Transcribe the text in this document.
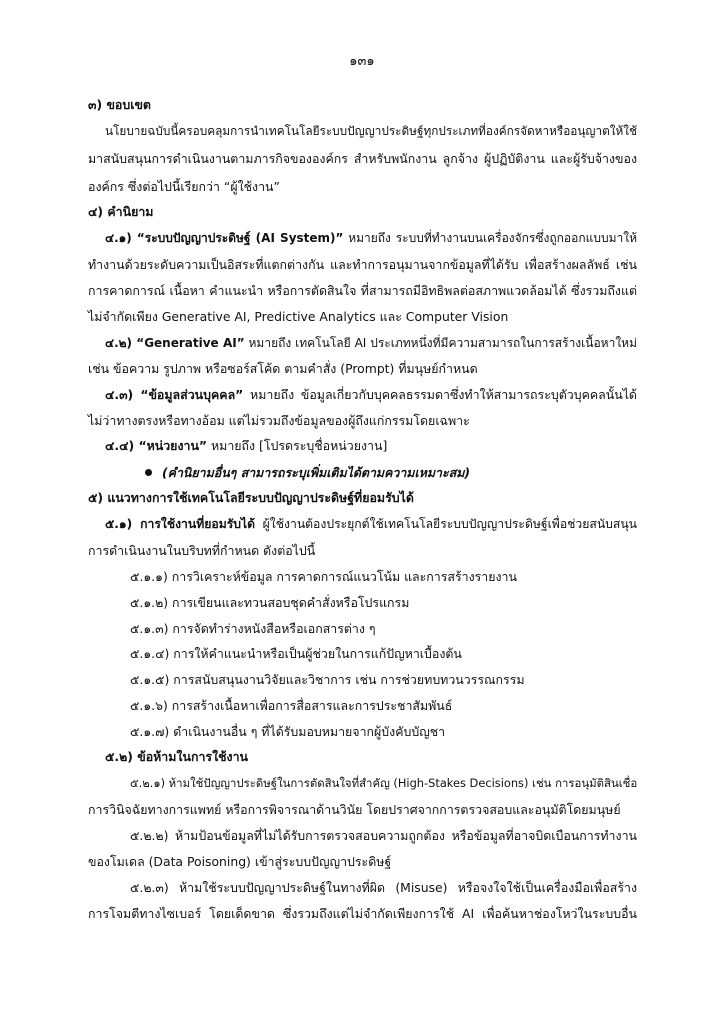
๑๓๑
๓) ขอบเขต
นโยบายฉบับนี้ครอบคลุมการนำเทคโนโลยีระบบปัญญาประดิษฐ์ทุกประเภทที่องค์กรจัดหาหรืออนุญาตให้ใช้
มาสนับสนุนการดำเนินงานตามภารกิจขององค์กร สำหรับพนักงาน ลูกจ้าง ผู้ปฏิบัติงาน และผู้รับจ้างของ
องค์กร ซึ่งต่อไปนี้เรียกว่า “ผู้ใช้งาน”
๔) คำนิยาม
๔.๑) “ระบบปัญญาประดิษฐ์ (AI System)” หมายถึง ระบบที่ทำงานบนเครื่องจักรซึ่งถูกออกแบบมาให้
ทำงานด้วยระดับความเป็นอิสระที่แตกต่างกัน และทำการอนุมานจากข้อมูลที่ได้รับ เพื่อสร้างผลลัพธ์ เช่น
การคาดการณ์ เนื้อหา คำแนะนำ หรือการตัดสินใจ ที่สามารถมีอิทธิพลต่อสภาพแวดล้อมได้ ซึ่งรวมถึงแต่
ไม่จำกัดเพียง Generative AI, Predictive Analytics และ Computer Vision
๔.๒) “Generative AI” หมายถึง เทคโนโลยี AI ประเภทหนึ่งที่มีความสามารถในการสร้างเนื้อหาใหม่
เช่น ข้อความ รูปภาพ หรือซอร์สโค้ด ตามคำสั่ง (Prompt) ที่มนุษย์กำหนด
๔.๓) “ข้อมูลส่วนบุคคล” หมายถึง ข้อมูลเกี่ยวกับบุคคลธรรมดาซึ่งทำให้สามารถระบุตัวบุคคลนั้นได้
ไม่ว่าทางตรงหรือทางอ้อม แต่ไม่รวมถึงข้อมูลของผู้ถึงแก่กรรมโดยเฉพาะ
๔.๔) “หน่วยงาน” หมายถึง [โปรดระบุชื่อหน่วยงาน]
(คำนิยามอื่นๆ สามารถระบุเพิ่มเติมได้ตามความเหมาะสม)
๕) แนวทางการใช้เทคโนโลยีระบบปัญญาประดิษฐ์ที่ยอมรับได้
๕.๑) การใช้งานที่ยอมรับได้ ผู้ใช้งานต้องประยุกต์ใช้เทคโนโลยีระบบปัญญาประดิษฐ์เพื่อช่วยสนับสนุน
การดำเนินงานในบริบทที่กำหนด ดังต่อไปนี้
๕.๑.๑) การวิเคราะห์ข้อมูล การคาดการณ์แนวโน้ม และการสร้างรายงาน
๕.๑.๒) การเขียนและทวนสอบชุดคำสั่งหรือโปรแกรม
๕.๑.๓) การจัดทำร่างหนังสือหรือเอกสารต่าง ๆ
๕.๑.๔) การให้คำแนะนำหรือเป็นผู้ช่วยในการแก้ปัญหาเบื้องต้น
๕.๑.๕) การสนับสนุนงานวิจัยและวิชาการ เช่น การช่วยทบทวนวรรณกรรม
๕.๑.๖) การสร้างเนื้อหาเพื่อการสื่อสารและการประชาสัมพันธ์
๕.๑.๗) ดำเนินงานอื่น ๆ ที่ได้รับมอบหมายจากผู้บังคับบัญชา
๕.๒) ข้อห้ามในการใช้งาน
๕.๒.๑) ห้ามใช้ปัญญาประดิษฐ์ในการตัดสินใจที่สำคัญ (High-Stakes Decisions) เช่น การอนุมัติสินเชื่อ
การวินิจฉัยทางการแพทย์ หรือการพิจารณาด้านวินัย โดยปราศจากการตรวจสอบและอนุมัติโดยมนุษย์
๕.๒.๒) ห้ามป้อนข้อมูลที่ไม่ได้รับการตรวจสอบความถูกต้อง หรือข้อมูลที่อาจบิดเบือนการทำงาน
ของโมเดล (Data Poisoning) เข้าสู่ระบบปัญญาประดิษฐ์
๕.๒.๓) ห้ามใช้ระบบปัญญาประดิษฐ์ในทางที่ผิด (Misuse) หรือจงใจใช้เป็นเครื่องมือเพื่อสร้าง
การโจมตีทางไซเบอร์ โดยเด็ดขาด ซึ่งรวมถึงแต่ไม่จำกัดเพียงการใช้ AI เพื่อค้นหาช่องโหว่ในระบบอื่น
